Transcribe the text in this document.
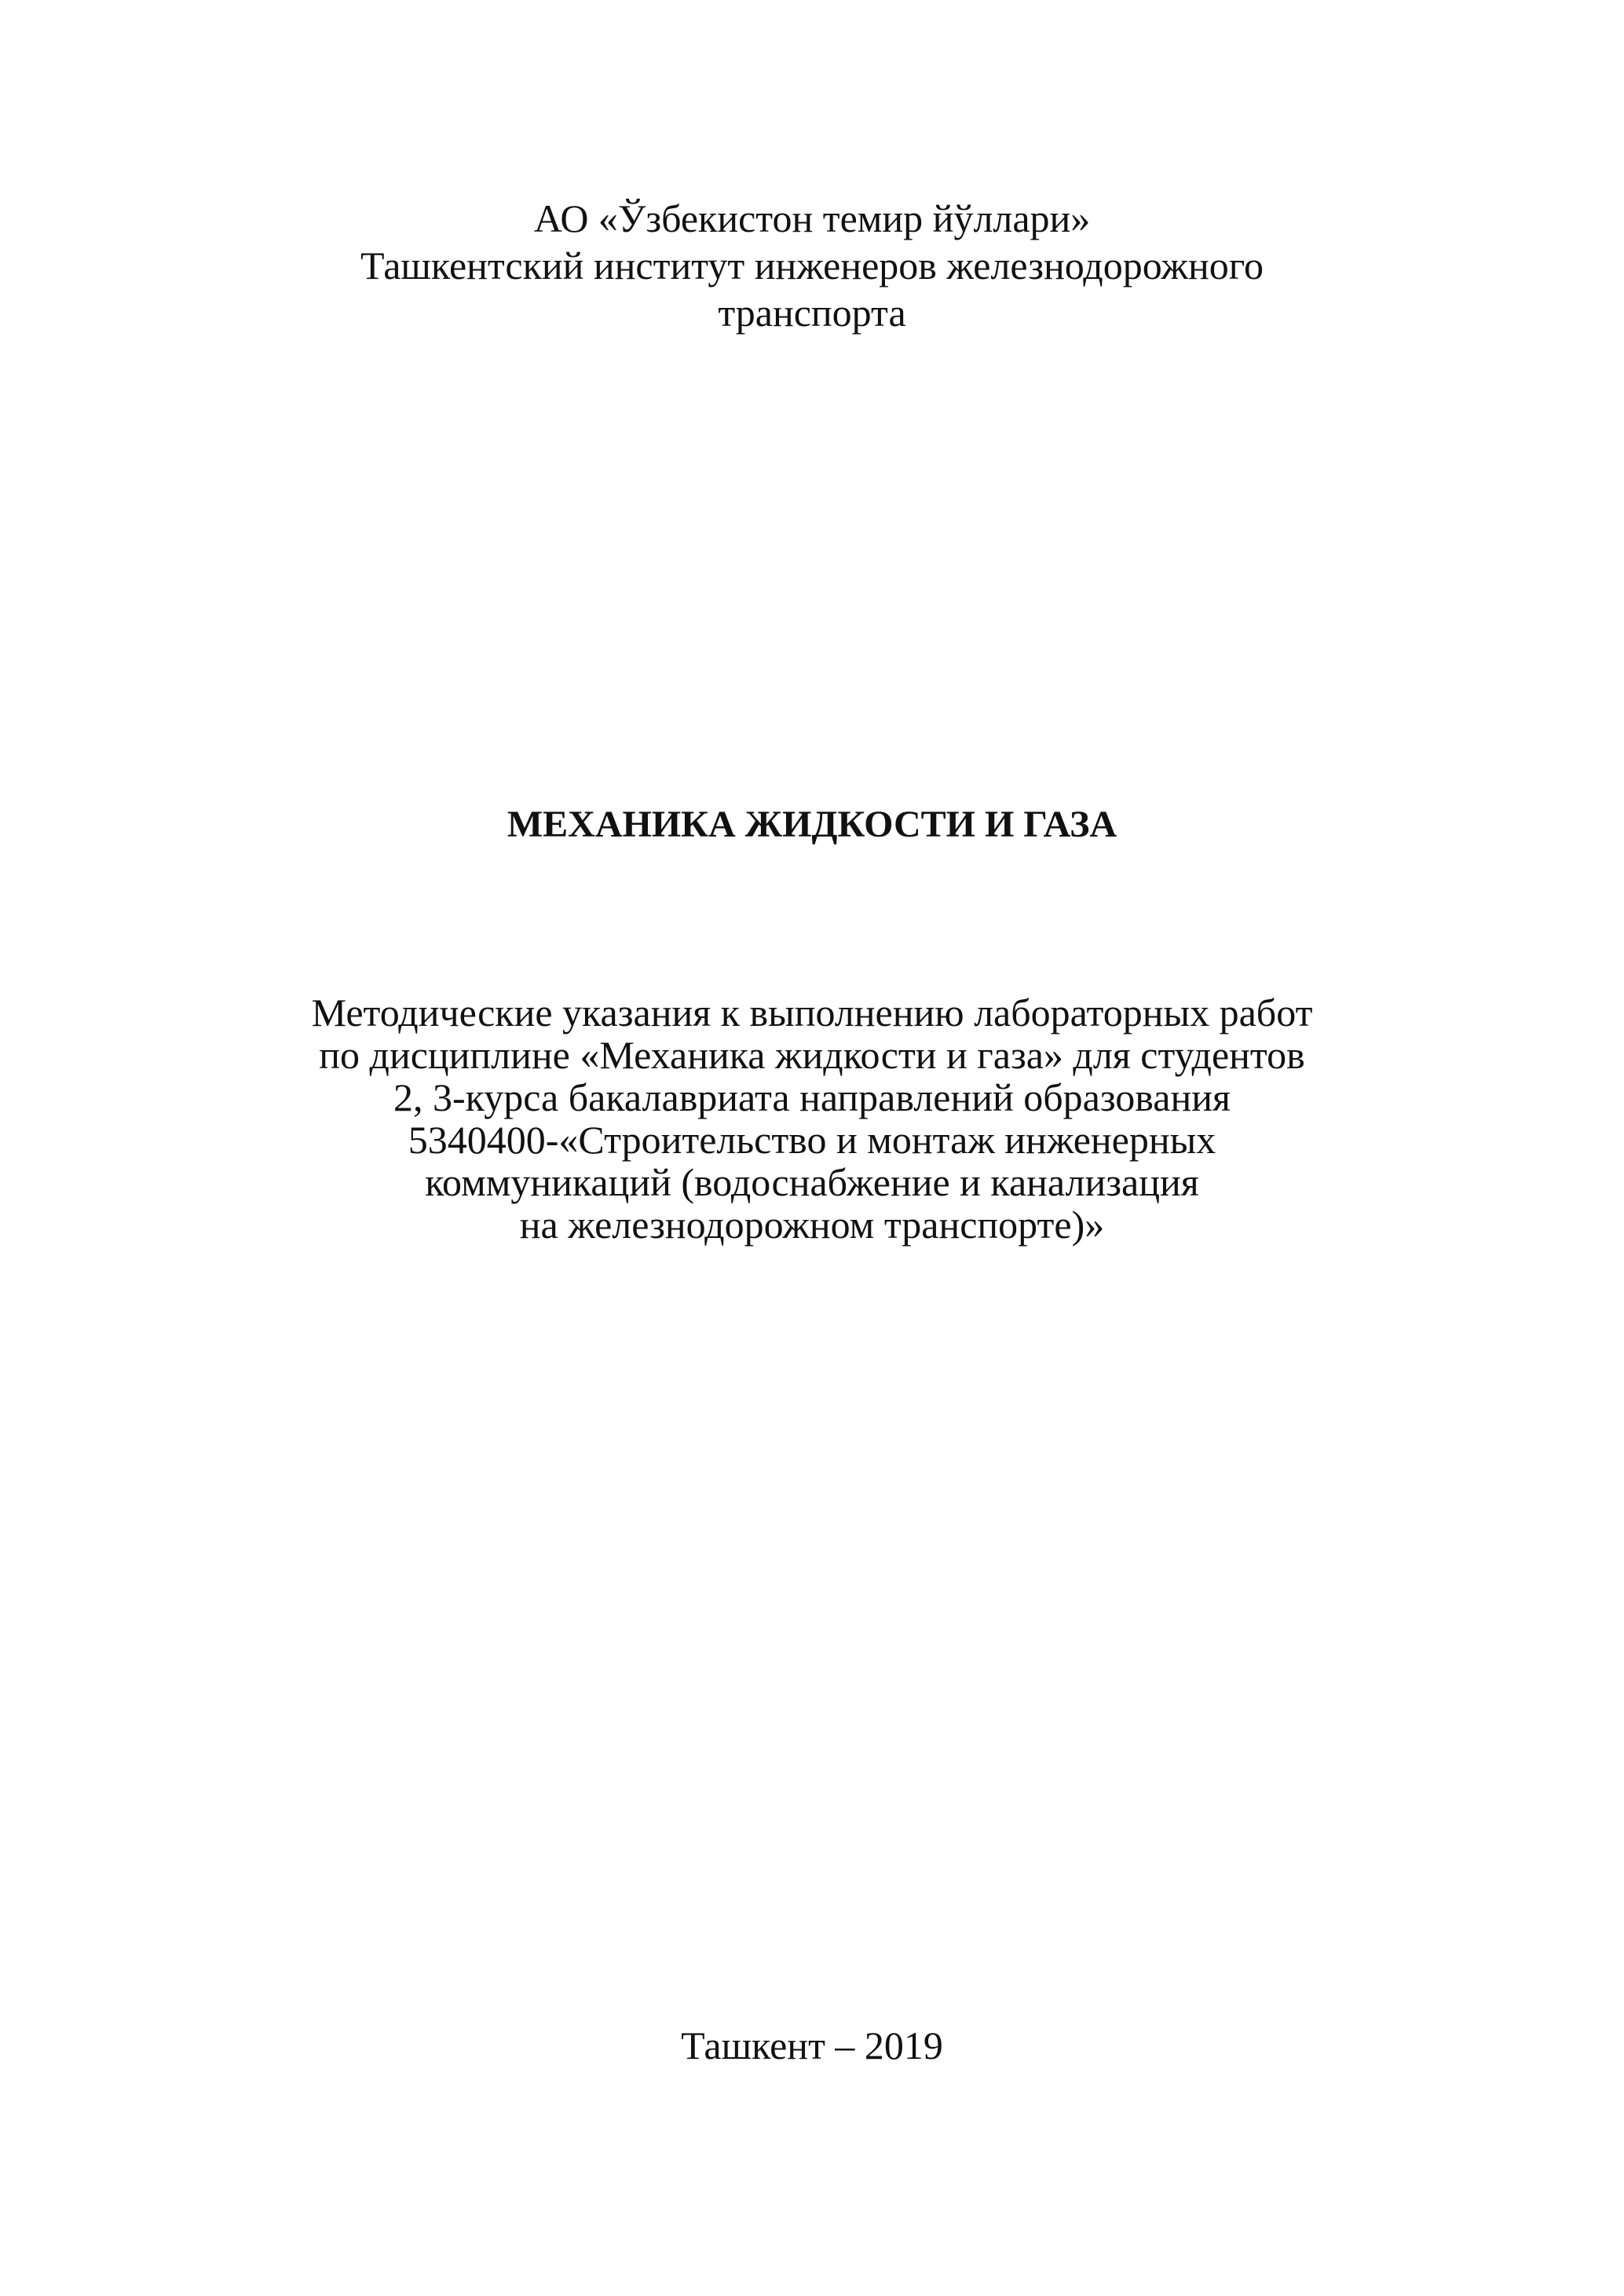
АО «Ўзбекистон темир йўллари»
Ташкентский институт инженеров железнодорожного
транспорта
МЕХАНИКА ЖИДКОСТИ И ГАЗА
Методические указания к выполнению лабораторных работ
по дисциплине «Механика жидкости и газа» для студентов
2, 3-курса бакалавриата направлений образования
5340400-«Строительство и монтаж инженерных
коммуникаций (водоснабжение и канализация
на железнодорожном транспорте)»
Ташкент – 2019
